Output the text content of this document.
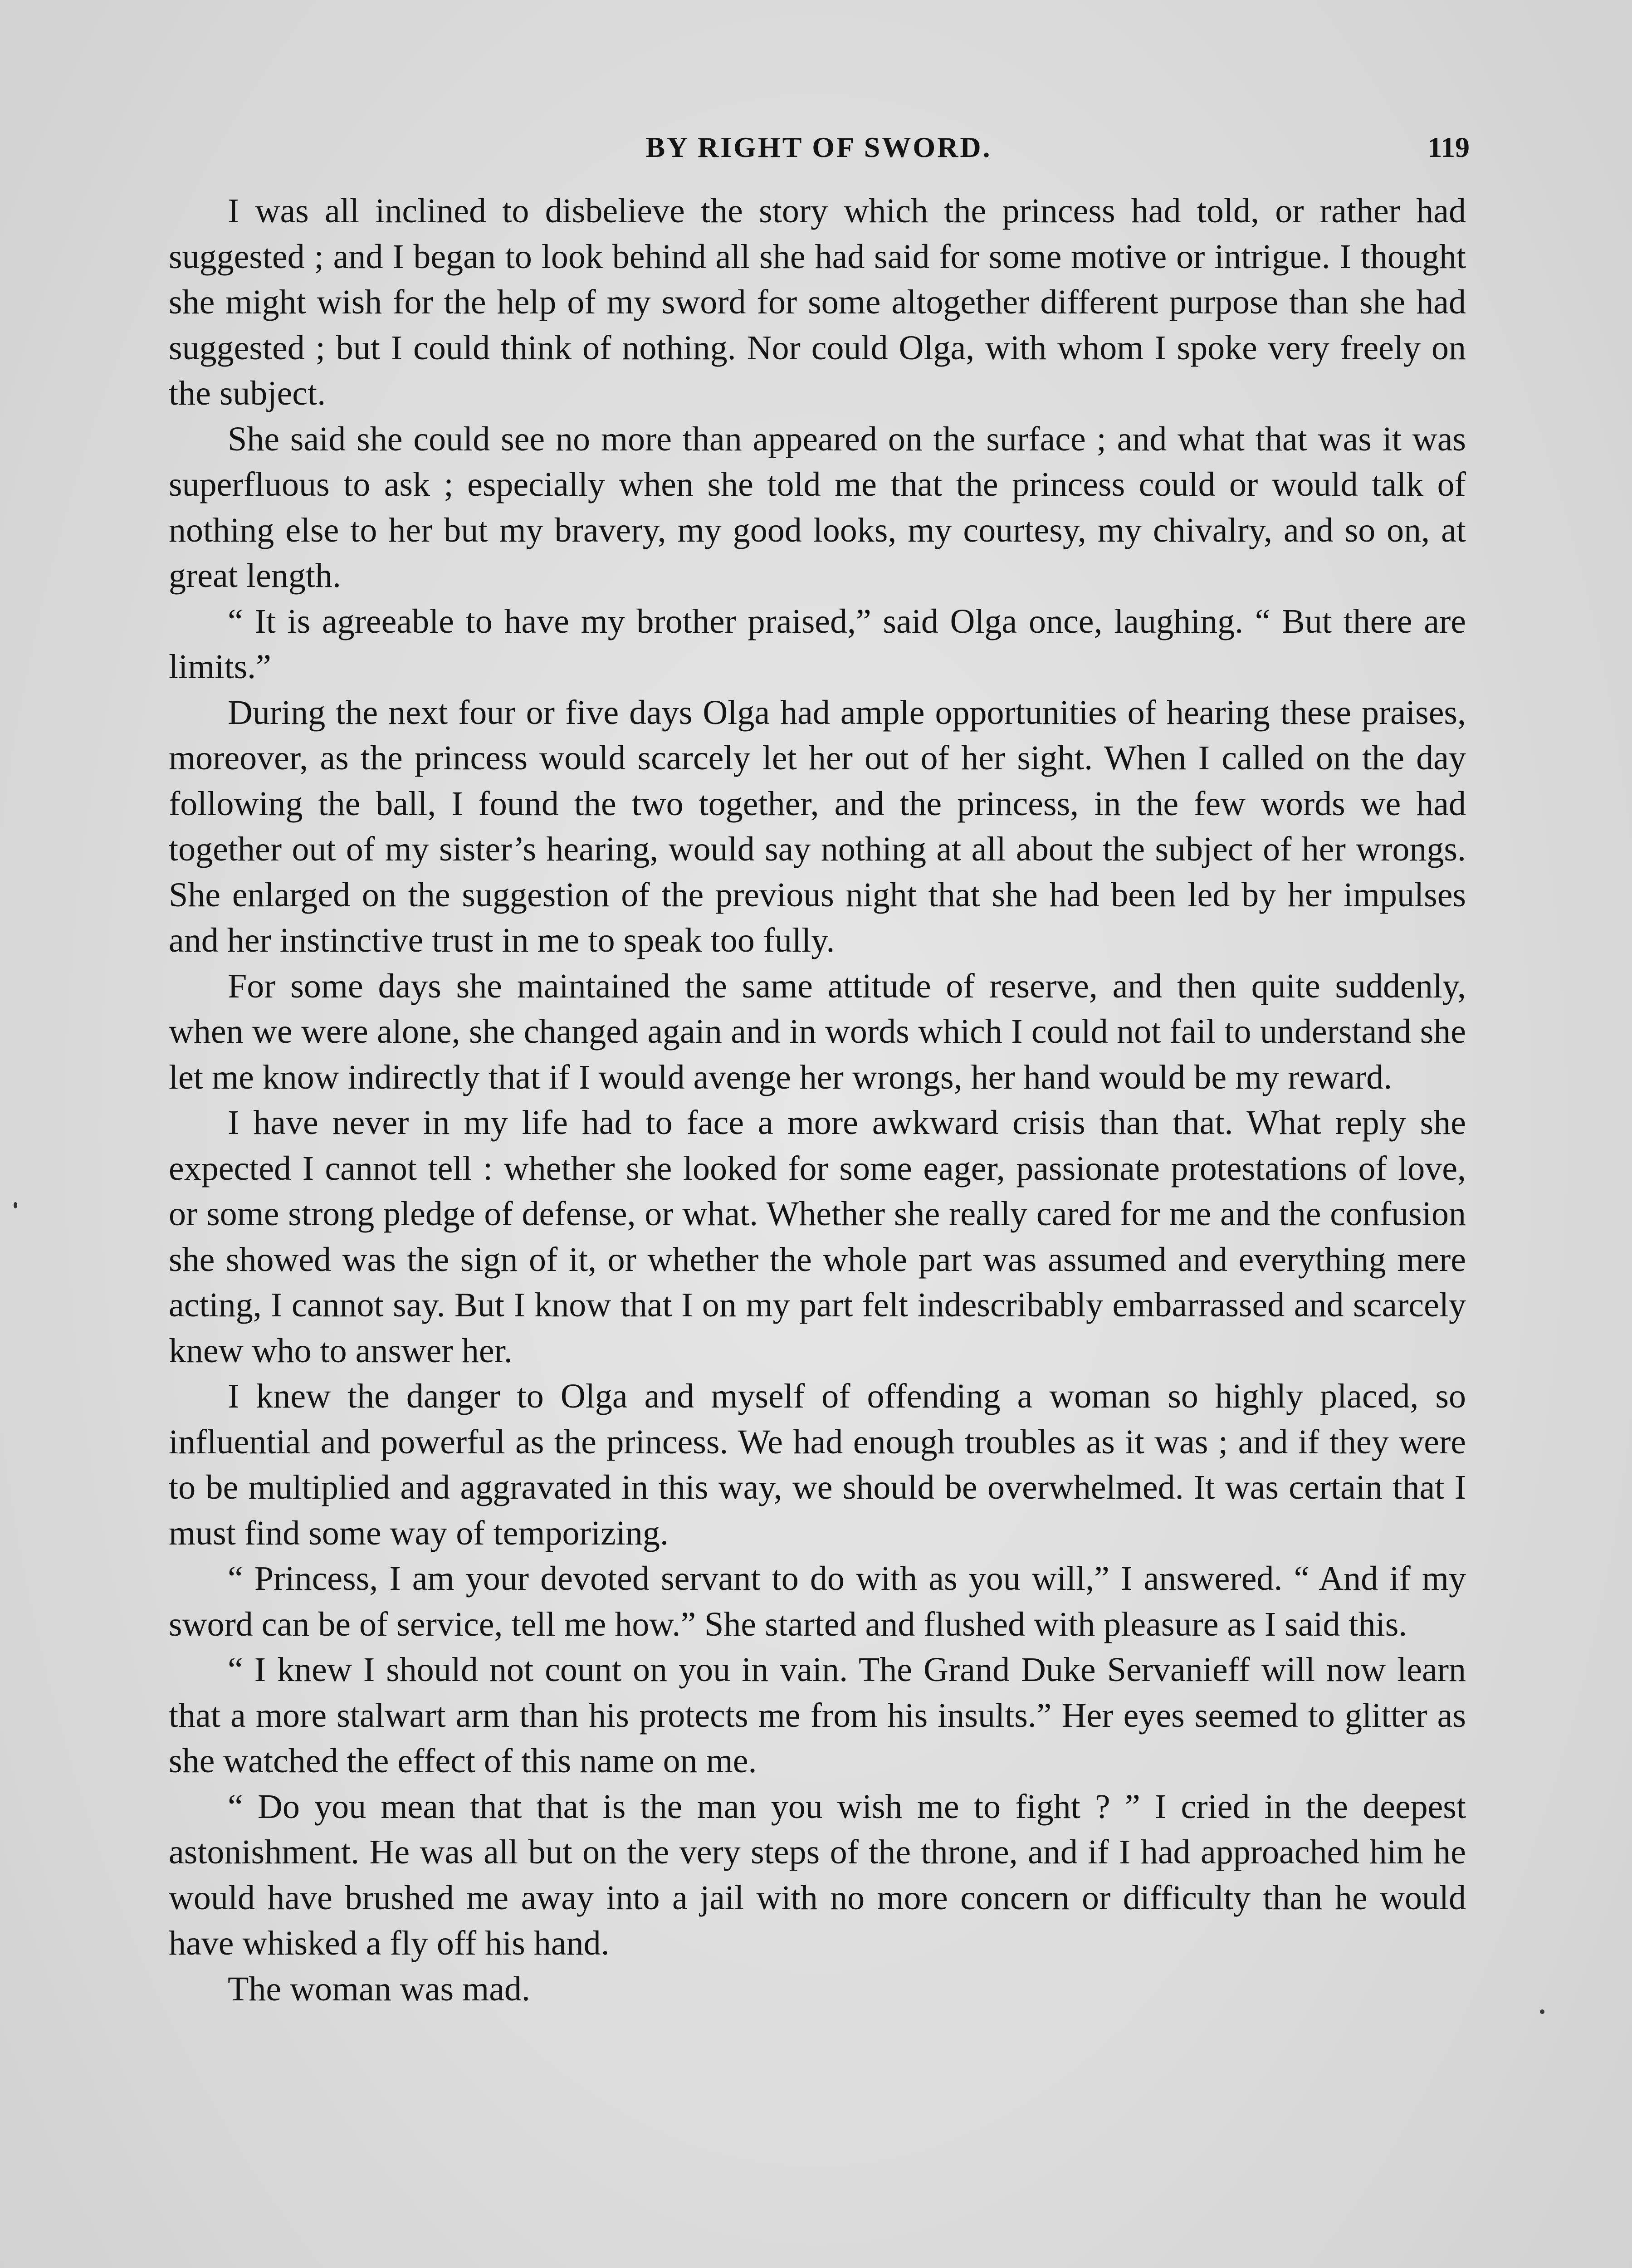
BY RIGHT OF SWORD.	119

I was all inclined to disbelieve the story which the princess had told, or rather had suggested ; and I began to look behind all she had said for some motive or intrigue. I thought she might wish for the help of my sword for some altogether different purpose than she had suggested ; but I could think of nothing. Nor could Olga, with whom I spoke very freely on the subject.

She said she could see no more than appeared on the surface ; and what that was it was superfluous to ask ; especially when she told me that the princess could or would talk of nothing else to her but my bravery, my good looks, my courtesy, my chivalry, and so on, at great length.

“ It is agreeable to have my brother praised,” said Olga once, laughing. “ But there are limits.”

During the next four or five days Olga had ample opportunities of hearing these praises, moreover, as the princess would scarcely let her out of her sight. When I called on the day following the ball, I found the two together, and the princess, in the few words we had together out of my sister’s hearing, would say nothing at all about the subject of her wrongs. She enlarged on the suggestion of the previous night that she had been led by her impulses and her instinctive trust in me to speak too fully.

For some days she maintained the same attitude of reserve, and then quite suddenly, when we were alone, she changed again and in words which I could not fail to understand she let me know indirectly that if I would avenge her wrongs, her hand would be my reward.

I have never in my life had to face a more awkward crisis than that. What reply she expected I cannot tell : whether she looked for some eager, passionate protestations of love, or some strong pledge of defense, or what. Whether she really cared for me and the confusion she showed was the sign of it, or whether the whole part was assumed and everything mere acting, I cannot say. But I know that I on my part felt indescribably embarrassed and scarcely knew who to answer her.

I knew the danger to Olga and myself of offending a woman so highly placed, so influential and powerful as the princess. We had enough troubles as it was ; and if they were to be multiplied and aggravated in this way, we should be overwhelmed. It was certain that I must find some way of temporizing.

“ Princess, I am your devoted servant to do with as you will,” I answered. “ And if my sword can be of service, tell me how.” She started and flushed with pleasure as I said this.

“ I knew I should not count on you in vain. The Grand Duke Servanieff will now learn that a more stalwart arm than his protects me from his insults.” Her eyes seemed to glitter as she watched the effect of this name on me.

“ Do you mean that that is the man you wish me to fight ? ” I cried in the deepest astonishment. He was all but on the very steps of the throne, and if I had approached him he would have brushed me away into a jail with no more concern or difficulty than he would have whisked a fly off his hand.

The woman was mad.
